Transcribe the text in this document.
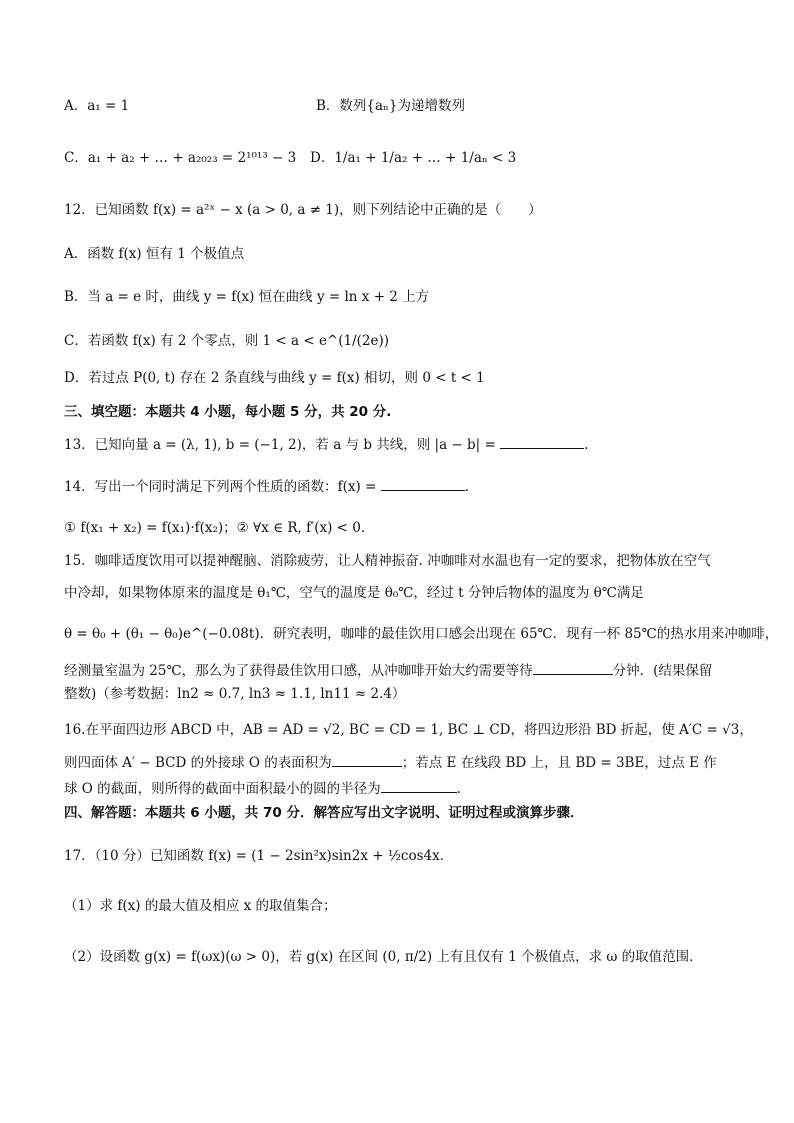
A．a₁ = 1	B．数列{aₙ}为递增数列
C．a₁ + a₂ + … + a₂₀₂₃ = 2¹⁰¹³ − 3 D．1/a₁ + 1/a₂ + … + 1/aₙ < 3
12．已知函数 f(x) = a²ˣ − x (a > 0, a ≠ 1)，则下列结论中正确的是（　　）
A．函数 f(x) 恒有 1 个极值点
B．当 a = e 时，曲线 y = f(x) 恒在曲线 y = ln x + 2 上方
C．若函数 f(x) 有 2 个零点，则 1 < a < e^(1/(2e))
D．若过点 P(0, t) 存在 2 条直线与曲线 y = f(x) 相切，则 0 < t < 1
三、填空题：本题共 4 小题，每小题 5 分，共 20 分.
13．已知向量 a = (λ, 1), b = (−1, 2)，若 a 与 b 共线，则 |a − b| =	.
14．写出一个同时满足下列两个性质的函数：f(x) =	.
① f(x₁ + x₂) = f(x₁)·f(x₂)；② ∀x ∈ R, f′(x) < 0.
15．咖啡适度饮用可以提神醒脑、消除疲劳，让人精神振奋. 冲咖啡对水温也有一定的要求，把物体放在空气
中冷却，如果物体原来的温度是 θ₁℃，空气的温度是 θ₀℃，经过 t 分钟后物体的温度为 θ℃满足
θ = θ₀ + (θ₁ − θ₀)e^(−0.08t)．研究表明，咖啡的最佳饮用口感会出现在 65℃．现有一杯 85℃的热水用来冲咖啡，
经测量室温为 25℃，那么为了获得最佳饮用口感，从冲咖啡开始大约需要等待	分钟．(结果保留
整数)（参考数据：ln2 ≈ 0.7, ln3 ≈ 1.1, ln11 ≈ 2.4）
16.在平面四边形 ABCD 中，AB = AD = √2, BC = CD = 1, BC ⊥ CD，将四边形沿 BD 折起，使 A′C = √3，
则四面体 A′ − BCD 的外接球 O 的表面积为	；若点 E 在线段 BD 上，且 BD = 3BE，过点 E 作
球 O 的截面，则所得的截面中面积最小的圆的半径为	.
四、解答题：本题共 6 小题，共 70 分．解答应写出文字说明、证明过程或演算步骤．
17．（10 分）已知函数 f(x) = (1 − 2sin²x)sin2x + ½cos4x．
（1）求 f(x) 的最大值及相应 x 的取值集合；
（2）设函数 g(x) = f(ωx)(ω > 0)，若 g(x) 在区间 (0, π/2) 上有且仅有 1 个极值点，求 ω 的取值范围．
